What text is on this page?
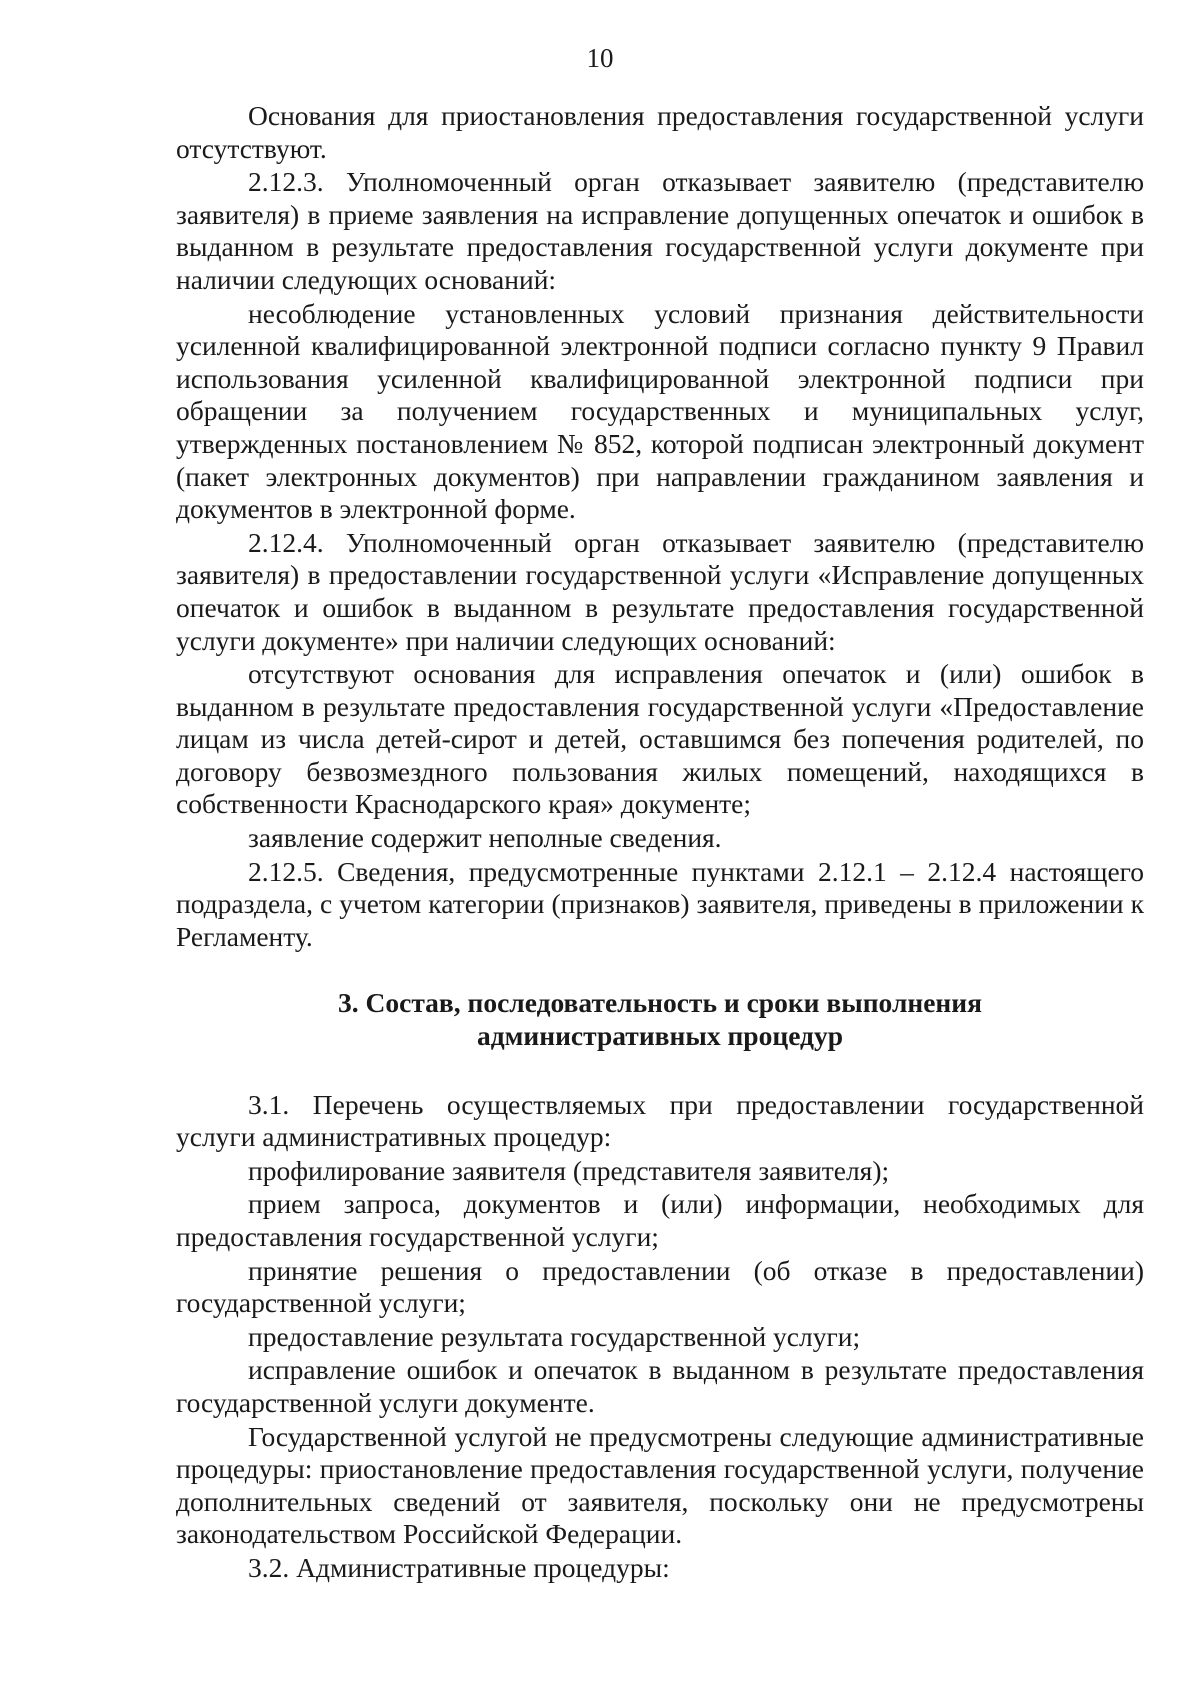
10

Основания для приостановления предоставления государственной услуги отсутствуют.

2.12.3. Уполномоченный орган отказывает заявителю (представителю заявителя) в приеме заявления на исправление допущенных опечаток и ошибок в выданном в результате предоставления государственной услуги документе при наличии следующих оснований:

несоблюдение установленных условий признания действительности усиленной квалифицированной электронной подписи согласно пункту 9 Правил использования усиленной квалифицированной электронной подписи при обращении за получением государственных и муниципальных услуг, утвержденных постановлением № 852, которой подписан электронный документ (пакет электронных документов) при направлении гражданином заявления и документов в электронной форме.

2.12.4. Уполномоченный орган отказывает заявителю (представителю заявителя) в предоставлении государственной услуги «Исправление допущенных опечаток и ошибок в выданном в результате предоставления государственной услуги документе» при наличии следующих оснований:

отсутствуют основания для исправления опечаток и (или) ошибок в выданном в результате предоставления государственной услуги «Предоставление лицам из числа детей-сирот и детей, оставшимся без попечения родителей, по договору безвозмездного пользования жилых помещений, находящихся в собственности Краснодарского края» документе;

заявление содержит неполные сведения.

2.12.5. Сведения, предусмотренные пунктами 2.12.1 – 2.12.4 настоящего подраздела, с учетом категории (признаков) заявителя, приведены в приложении к Регламенту.

3. Состав, последовательность и сроки выполнения
административных процедур

3.1. Перечень осуществляемых при предоставлении государственной услуги административных процедур:

профилирование заявителя (представителя заявителя);

прием запроса, документов и (или) информации, необходимых для предоставления государственной услуги;

принятие решения о предоставлении (об отказе в предоставлении) государственной услуги;

предоставление результата государственной услуги;

исправление ошибок и опечаток в выданном в результате предоставления государственной услуги документе.

Государственной услугой не предусмотрены следующие административные процедуры: приостановление предоставления государственной услуги, получение дополнительных сведений от заявителя, поскольку они не предусмотрены законодательством Российской Федерации.

3.2. Административные процедуры:
